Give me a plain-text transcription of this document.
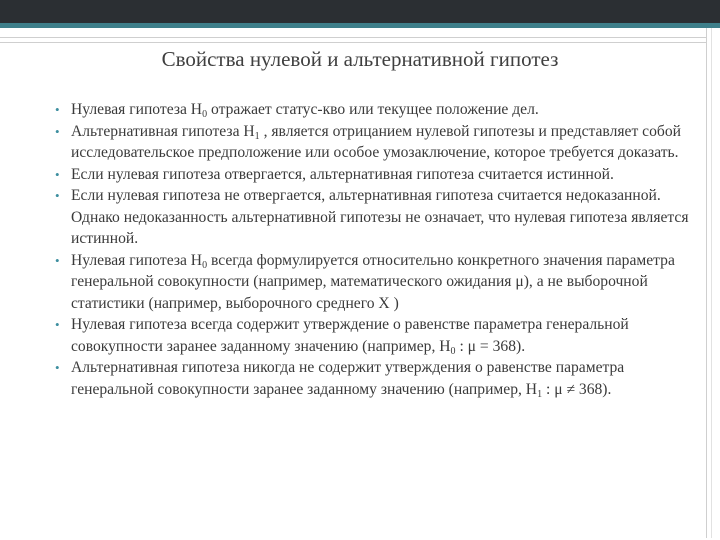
Свойства нулевой и альтернативной гипотез
• Нулевая гипотеза $H_0$ отражает статус-кво или текущее положение дел.
• Альтернативная гипотеза $H_1$ , является отрицанием нулевой гипотезы и представляет собой исследовательское предположение или особое умозаключение, которое требуется доказать.
• Если нулевая гипотеза отвергается, альтернативная гипотеза считается истинной.
• Если нулевая гипотеза не отвергается, альтернативная гипотеза считается недоказанной. Однако недоказанность альтернативной гипотезы не означает, что нулевая гипотеза является истинной.
• Нулевая гипотеза $H_0$ всегда формулируется относительно конкретного значения параметра генеральной совокупности (например, математического ожидания μ), а не выборочной статистики (например, выборочного среднего X )
• Нулевая гипотеза всегда содержит утверждение о равенстве параметра генеральной совокупности заранее заданному значению (например, $H_0$ : μ = 368).
• Альтернативная гипотеза никогда не содержит утверждения о равенстве параметра генеральной совокупности заранее заданному значению (например, $H_1$ : μ ≠ 368).
